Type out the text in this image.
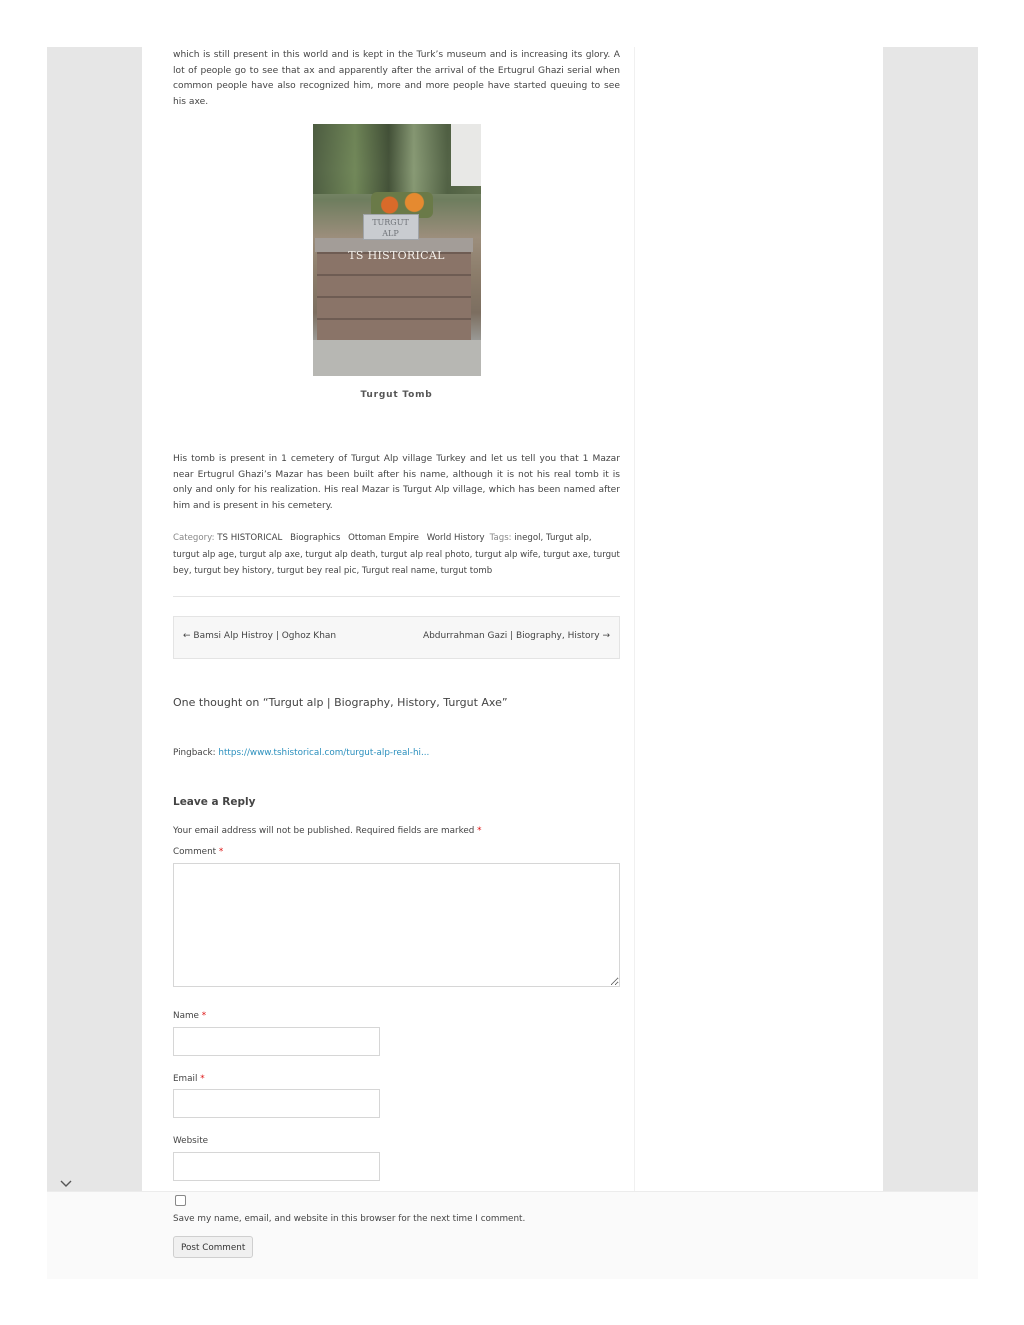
which is still present in this world and is kept in the Turk’s museum and is increasing its glory. A lot of people go to see that ax and apparently after the arrival of the Ertugrul Ghazi serial when common people have also recognized him, more and more people have started queuing to see his axe.

TURGUT
ALP
TS HISTORICAL
Turgut Tomb

His tomb is present in 1 cemetery of Turgut Alp village Turkey and let us tell you that 1 Mazar near Ertugrul Ghazi’s Mazar has been built after his name, although it is not his real tomb it is only and only for his realization. His real Mazar is Turgut Alp village, which has been named after him and is present in his cemetery.

Category: TS HISTORICAL Biographics Ottoman Empire World History Tags: inegol, Turgut alp, turgut alp age, turgut alp axe, turgut alp death, turgut alp real photo, turgut alp wife, turgut axe, turgut bey, turgut bey history, turgut bey real pic, Turgut real name, turgut tomb
← Bamsi Alp Histroy | Oghoz Khan	Abdurrahman Gazi | Biography, History →
One thought on “Turgut alp | Biography, History, Turgut Axe”
Pingback: https://www.tshistorical.com/turgut-alp-real-hi...
Leave a Reply
Your email address will not be published. Required fields are marked *
Comment *
Name *
Email *
Website
Save my name, email, and website in this browser for the next time I comment.
Post Comment
